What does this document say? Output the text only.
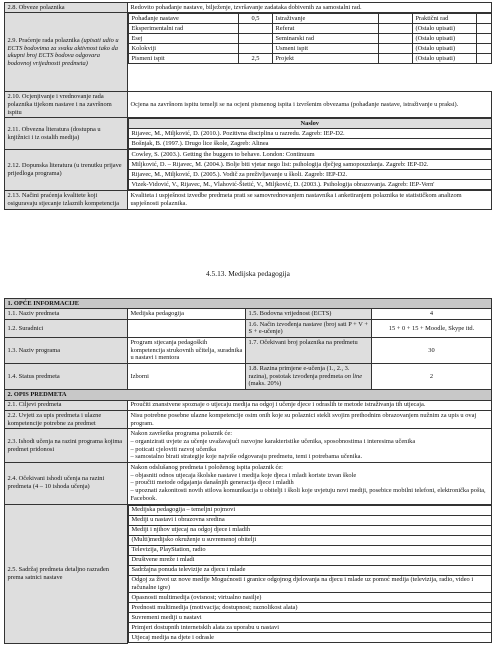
2.8. Obveze polaznika	Redovito pohađanje nastave, bilježenje, izvršavanje zadataka dobivenih za samostalni rad.
2.9. Praćenje rada polaznika (upisati udio u ECTS bodovima za svaku aktivnost tako da ukupni broj ECTS bodova odgovara bodovnoj vrijednosti predmeta)	
Pohađanje nastave	0,5	Istraživanje		Praktični rad	
Eksperimentalni rad		Referat		(Ostalo upisati)	
Esej		Seminarski rad		(Ostalo upisati)	
Kolokviji		Usmeni ispit		(Ostalo upisati)	
Pismeni ispit	2,5	Projekt		(Ostalo upisati)	

2.10. Ocjenjivanje i vrednovanje rada polaznika tijekom nastave i na završnom ispitu	Ocjena na završnom ispitu temelji se na ocjeni pismenog ispita i izvršenim obvezama (pohađanje nastave, istraživanje u praksi).
2.11. Obvezna literatura (dostupna u knjižnici i iz ostalih medija)	
Naslov
Rijavec, M., Miljković, D. (2010.). Pozitivna disciplina u razredu. Zagreb: IEP-D2.
Bošnjak, B. (1997.). Drugo lice škole, Zagreb: Alinea

2.12. Dopunska literatura (u trenutku prijave prijedloga programa)	
Cowley, S. (2003.). Getting the buggers to behave. London: Continuum
Miljković, D. – Rijavec, M. (2004.). Bolje biti vjetar nego list: psihologija dječjeg samopouzdanja. Zagreb: IEP-D2.
Rijavec, M., Miljković, D. (2005.). Vodič za preživljavanje u školi. Zagreb: IEP-D2.
Vizek-Vidović, V., Rijavec, M., Vlahović-Štetić, V., Miljković, D. (2003.). Psihologija obrazovanja. Zagreb: IEP-Vern'

2.13. Načini praćenja kvalitete koji osiguravaju stjecanje izlaznih kompetencija	Kvaliteta i uspješnost izvedbe predmeta prati se samovrednovanjem nastavnika i anketiranjem polaznika te statističkom analizom uspješnosti polaznika.
4.5.13. Medijska pedagogija
1. OPĆE INFORMACIJE
1.1. Naziv predmeta	Medijska pedagogija	1.5. Bodovna vrijednost (ECTS)	4
1.2. Suradnici		1.6. Način izvođenja nastave (broj sati P + V + S + e-učenje)	15 + 0 + 15 + Moodle, Skype itd.
1.3. Naziv programa	Program stjecanja pedagoških kompetencija strukovnih učitelja, suradnika u nastavi i mentora	1.7. Očekivani broj polaznika na predmetu	30
1.4. Status predmeta	Izborni	1.8. Razina primjene e-učenja (1., 2., 3. razina), postotak izvođenja predmeta on line (maks. 20%)	2
2. OPIS PREDMETA
2.1. Ciljevi predmeta	Proučiti znanstvene spoznaje o utjecaju medija na odgoj i učenje djece i odraslih te metode istraživanja tih utjecaja.
2.2. Uvjeti za upis predmeta i ulazne kompetencije potrebne za predmet	Nisu potrebne posebne ulazne kompetencije osim onih koje su polaznici stekli svojim prethodnim obrazovanjem nužnim za upis u ovaj program.
2.3. Ishodi učenja na razini programa kojima predmet pridonosi	
Nakon završetka programa polaznik će:
– organizirati uvjete za učenje uvažavajući razvojne karakteristike učenika, sposobnostima i interesima učenika
– poticati cjeloviti razvoj učenika
– samostalno birati strategije koje najviše odgovaraju predmetu, temi i potrebama učenika.

2.4. Očekivani ishodi učenja na razini predmeta (4 – 10 ishoda učenja)	
Nakon odslušanog predmeta i položenog ispita polaznik će:
– objasniti odnos utjecaja školske nastave i medija koje djeca i mladi koriste izvan škole
– proučiti metode odgajanja današnjih generacija djece i mladih
– upoznati zakonitosti novih stilova komunikacija u obitelji i školi koje uvjetuju novi mediji, posebice mobilni telefoni, elektronička pošta, Facebook.

2.5. Sadržaj predmeta detaljno razrađen prema satnici nastave	
Medijska pedagogija – temeljni pojmovi
Mediji u nastavi i obrazovna sredina
Mediji i njihov utjecaj na odgoj djece i mladih
(Multi)medijsko okruženje u suvremenoj obitelji
Televizija, PlayStation, radio
Društvene mreže i mladi
Sadržajna ponuda televizije za djecu i mlade
Odgoj za život uz nove medije Mogućnosti i granice odgojnog djelovanja na djecu i mlade uz pomoć medija (televizija, radio, video i računalne igre)
Opasnosti multimedija (ovisnost; virtualno nasilje)
Prednosti multimedija (motivacija; dostupnost; raznolikost alata)
Suvremeni mediji u nastavi
Primjeri dostupnih internetskih alata za uporabu u nastavi
Utjecaj medija na djete i odrasle
